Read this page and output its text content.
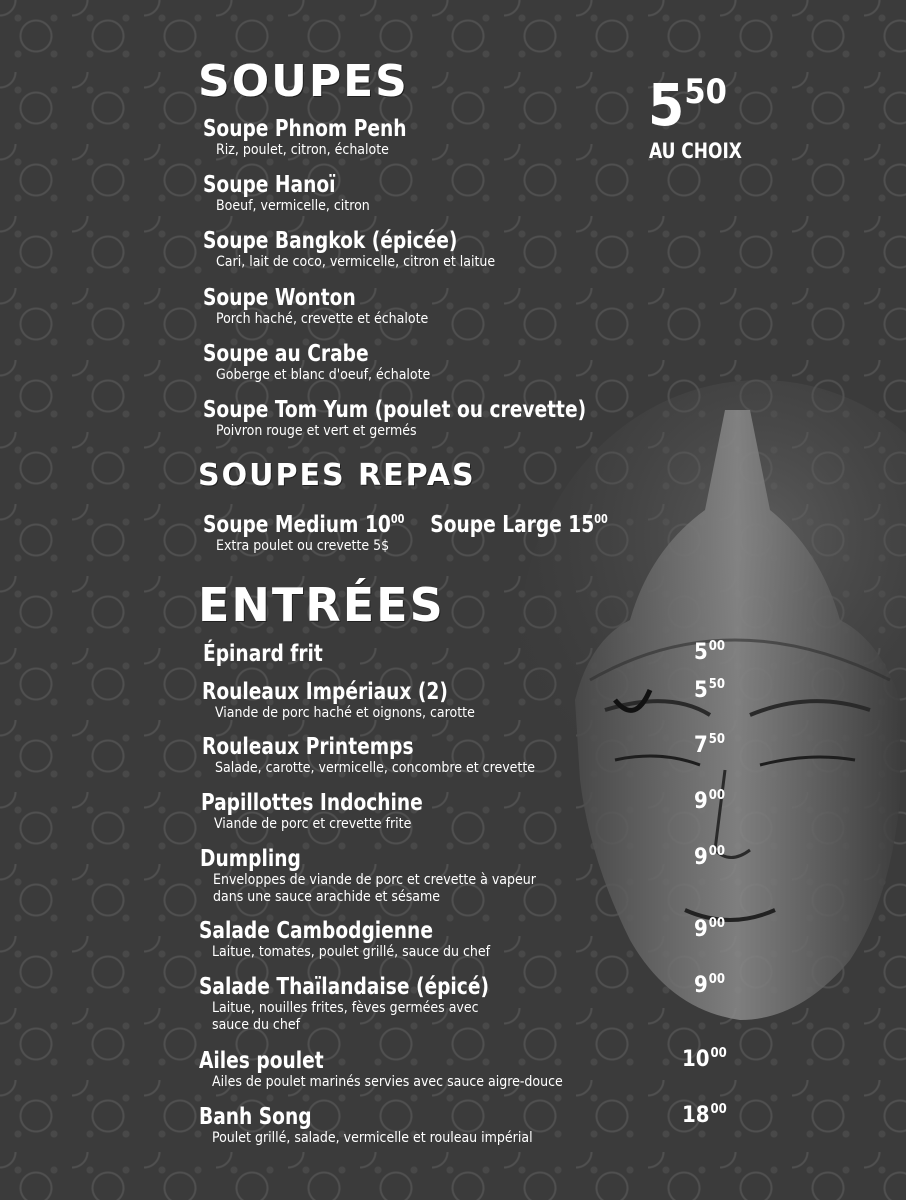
SOUPES	$5^{50}$
AU CHOIX
Soupe Phnom Penh
Riz, poulet, citron, échalote
Soupe Hanoï
Boeuf, vermicelle, citron
Soupe Bangkok (épicée)
Cari, lait de coco, vermicelle, citron et laitue
Soupe Wonton
Porch haché, crevette et échalote
Soupe au Crabe
Goberge et blanc d'oeuf, échalote
Soupe Tom Yum (poulet ou crevette)
Poivron rouge et vert et germés
SOUPES REPAS
Soupe Medium $10^{00}$ Soupe Large $15^{00}$
Extra poulet ou crevette 5$
ENTRÉES
Épinard frit	$5^{00}$
Rouleaux Impériaux (2)
Viande de porc haché et oignons, carotte
$5^{50}$
Rouleaux Printemps
Salade, carotte, vermicelle, concombre et crevette
$7^{50}$
Papillottes Indochine
Viande de porc et crevette frite
$9^{00}$
Dumpling
Enveloppes de viande de porc et crevette à vapeur
dans une sauce arachide et sésame
$9^{00}$
Salade Cambodgienne
Laitue, tomates, poulet grillé, sauce du chef
$9^{00}$
Salade Thaïlandaise (épicé)
Laitue, nouilles frites, fèves germées avec
sauce du chef
$9^{00}$
Ailes poulet
Ailes de poulet marinés servies avec sauce aigre-douce
$10^{00}$
Banh Song
Poulet grillé, salade, vermicelle et rouleau impérial
$18^{00}$
